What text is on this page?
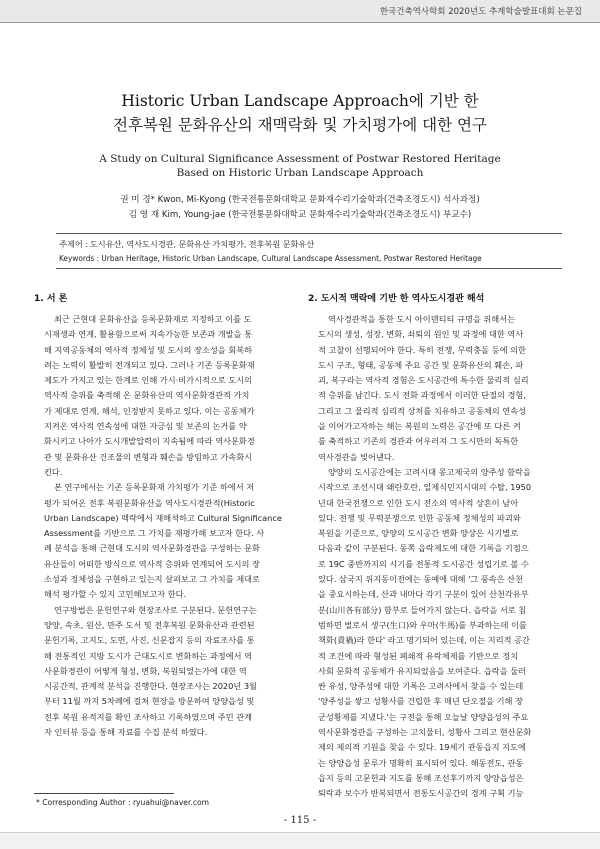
한국건축역사학회 2020년도 추계학술발표대회 논문집
Historic Urban Landscape Approach에 기반 한
전후복원 문화유산의 재맥락화 및 가치평가에 대한 연구
A Study on Cultural Significance Assessment of Postwar Restored Heritage
Based on Historic Urban Landscape Approach
권 미 경* Kwon, Mi-Kyong (한국전통문화대학교 문화재수리기술학과(건축조경도시) 석사과정)
김 영 재 Kim, Young-jae (한국전통문화대학교 문화재수리기술학과(건축조경도시) 부교수)
주제어 : 도시유산, 역사도시경관, 문화유산 가치평가, 전후복원 문화유산
Keywords : Urban Heritage, Historic Urban Landscape, Cultural Landscape Assessment, Postwar Restored Heritage
1. 서 론
최근 근현대 문화유산을 등록문화재로 지정하고 이를 도
시재생과 연계, 활용함으로써 지속가능한 보존과 개발을 통
해 지역공동체의 역사적 정체성 및 도시의 장소성을 회복하
려는 노력이 활발히 전개되고 있다. 그러나 기존 등록문화재
제도가 가지고 있는 한계로 인해 가시·비가시적으로 도시의
역사적 층위를 축적해 온 문화유산의 역사문화경관적 가치
가 제대로 연계, 해석, 인정받지 못하고 있다. 이는 공동체가
지켜온 역사적 연속성에 대한 자긍심 및 보존의 논거를 약
화시키고 나아가 도시개발압력이 지속됨에 따라 역사문화경
관 및 문화유산 건조물의 변형과 훼손을 방임하고 가속화시
킨다.
본 연구에서는 기존 등록문화재 가치평가 기준 하에서 저
평가 되어온 전후 복원문화유산을 역사도시경관적(Historic
Urban Landscape) 맥락에서 재해석하고 Cultural Significance
Assessment를 기반으로 그 가치를 재평가해 보고자 한다. 사
례 분석을 통해 근현대 도시의 역사문화경관을 구성하는 문화
유산들이 어떠한 방식으로 역사적 층위와 연계되어 도시의 장
소성과 정체성을 구현하고 있는지 살펴보고 그 가치를 제대로
해석 평가할 수 있지 고민해보고자 한다.
연구방법은 문헌연구와 현장조사로 구분된다. 문헌연구는
양양, 속초, 원산, 만주 도서 및 전후복원 문화유산과 관련된
문헌기록, 고지도, 도면, 사진, 신문잡지 등의 자료조사를 통
해 전통적인 지방 도시가 근대도시로 변화하는 과정에서 역
사문화경관이 어떻게 형성, 변화, 복원되었는가에 대한 역
시공간적, 관계적 분석을 진행한다. 현장조사는 2020년 3월
부터 11월 까지 5차례에 걸쳐 현장을 방문하여 양양읍성 및
전후 복원 유적지를 확인 조사하고 기록하였으며 주민 관계
자 인터뷰 등을 통해 자료를 수집 분석 하였다.
2. 도시적 맥락에 기반 한 역사도시경관 해석
역사경관적을 통한 도시 아이덴티티 규명을 위해서는
도시의 생성, 성장, 변화, 쇠퇴의 원인 및 과정에 대한 역사
적 고찰이 선행되어야 한다. 특히 전쟁, 무력충돌 등에 의한
도시 구조, 형태, 공동체 주요 공간 및 문화유산의 훼손, 파
괴, 복구라는 역사적 경험은 도시공간에 특수한 물리적 심리
적 층위를 남긴다. 도시 전화 과정에서 이러한 단절의 경험,
그리고 그 물리적 심리적 상처를 치유하고 공동체의 연속성
을 이어가고자하는 해는 복원의 노력은 공간에 또 다른 켜
를 축적하고 기존의 경관과 어우러져 그 도시만의 독특한
역사경관을 빚어낸다.
양양의 도시공간에는 고려시대 몽고제국의 양주성 함락을
시작으로 조선시대 왜란호란, 일제식민지시대의 수탈, 1950
년대 한국전쟁으로 인한 도시 전소의 역사적 상흔이 남아
있다. 전쟁 및 무력분쟁으로 인한 공동체 정체성의 파괴와
복원을 기준으로, 양양의 도시공간 변화 양상은 시기별로
다음과 같이 구분된다. 동쪽 읍락제도에 대한 기록을 기점으
로 19C 중반까지의 시기를 전통적 도시공간 성립기로 볼 수
있다. 삼국지 위지동이전에는 동예에 대해 '그 풍속은 산천
을 중요시하는데, 산과 내마다 각기 구분이 있어 산천각유부
분(山川各有部分) 함부로 들어가지 않는다. 읍락을 서로 침
범하면 벌로서 생구(生口)와 우마(牛馬)를 부과하는데 이를
책화(責禍)라 한다' 라고 명기되어 있는데, 이는 지리적 공간
적 조건에 따라 형성된 폐쇄적 유락체제를 기반으로 정치
사회 문화적 공동체가 유지되었음을 보여준다. 읍락을 둘러
싼 유성, 양주성에 대한 기록은 고려사에서 찾을 수 있는데
'양주성을 쌓고 성황사를 건립한 후 매년 단오절을 기해 장
군성황제를 지냈다.'는 구전을 통해 오늘날 양양읍성의 주요
역사문화경관을 구성하는 고치물터, 성황사 그리고 현산문화
제의 제의적 기원을 찾을 수 있다. 19세기 관동읍지 지도에
는 양양읍성 문루가 명확히 표시되어 있다. 해동전도, 관동
읍지 등의 고문헌과 지도를 통해 조선후기까지 양양읍성은
퇴락과 보수가 반복되면서 전통도시공간의 경계 구획 기능
* Corresponding Author : ryuahui@naver.com
- 115 -
